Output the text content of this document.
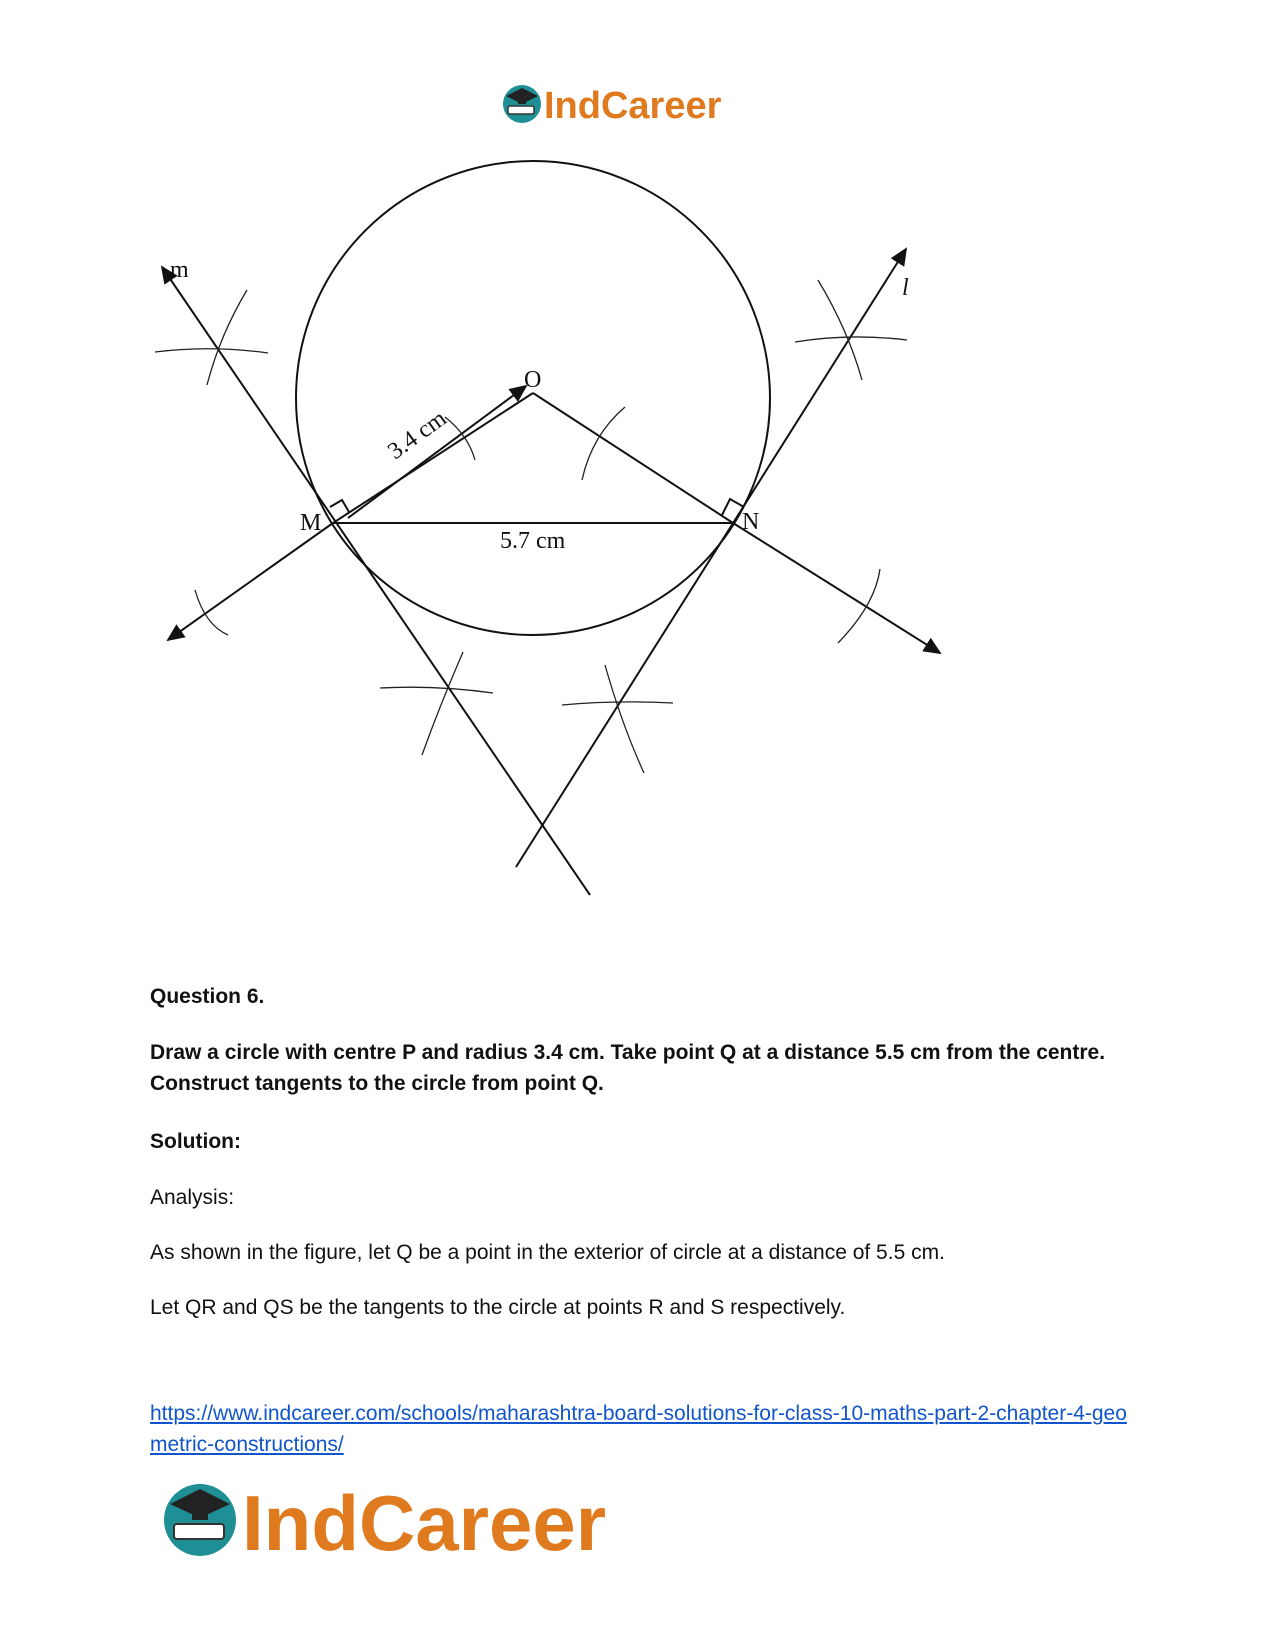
IndCareer
m
l
O
M	N
5.7 cm
3.4 cm
Question 6.
Draw a circle with centre P and radius 3.4 cm. Take point Q at a distance 5.5 cm from the centre. Construct tangents to the circle from point Q.
Solution:
Analysis:
As shown in the figure, let Q be a point in the exterior of circle at a distance of 5.5 cm.
Let QR and QS be the tangents to the circle at points R and S respectively.
https://www.indcareer.com/schools/maharashtra-board-solutions-for-class-10-maths-part-2-chapter-4-geometric-constructions/
IndCareer
